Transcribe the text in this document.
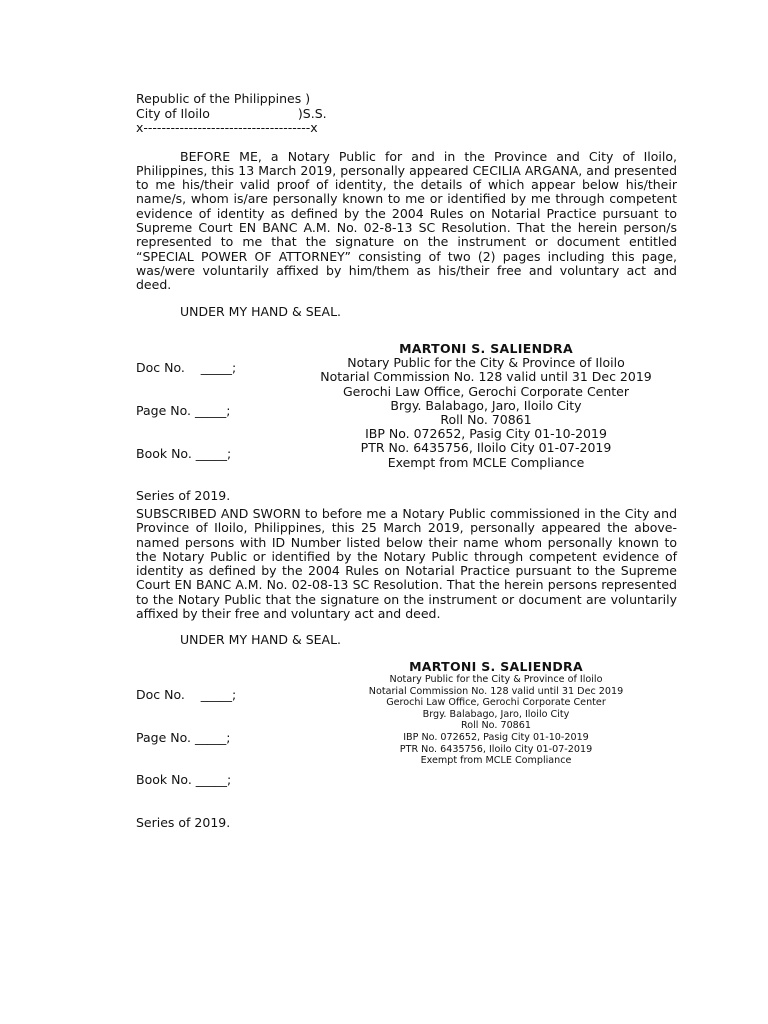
Republic of the Philippines )
City of Iloilo	)S.S.
x-------------------------------------x

BEFORE ME, a Notary Public for and in the Province and City of Iloilo, Philippines, this 13 March 2019, personally appeared CECILIA ARGANA, and presented to me his/their valid proof of identity, the details of which appear below his/their name/s, whom is/are personally known to me or identified by me through competent evidence of identity as defined by the 2004 Rules on Notarial Practice pursuant to Supreme Court EN BANC A.M. No. 02-8-13 SC Resolution. That the herein person/s represented to me that the signature on the instrument or document entitled “SPECIAL POWER OF ATTORNEY” consisting of two (2) pages including this page, was/were voluntarily affixed by him/them as his/their free and voluntary act and deed.

UNDER MY HAND & SEAL.

Doc No.    _____;

Page No. _____;

Book No. _____;

Series of 2019.

MARTONI S. SALIENDRA
Notary Public for the City & Province of Iloilo
Notarial Commission No. 128 valid until 31 Dec 2019
Gerochi Law Office, Gerochi Corporate Center
Brgy. Balabago, Jaro, Iloilo City
Roll No. 70861
IBP No. 072652, Pasig City 01-10-2019
PTR No. 6435756, Iloilo City 01-07-2019
Exempt from MCLE Compliance

SUBSCRIBED AND SWORN to before me a Notary Public commissioned in the City and Province of Iloilo, Philippines, this 25 March 2019, personally appeared the above-named persons with ID Number listed below their name whom personally known to the Notary Public or identified by the Notary Public through competent evidence of identity as defined by the 2004 Rules on Notarial Practice pursuant to the Supreme Court EN BANC A.M. No. 02-08-13 SC Resolution. That the herein persons represented to the Notary Public that the signature on the instrument or document are voluntarily affixed by their free and voluntary act and deed.

UNDER MY HAND & SEAL.

Doc No.    _____;

Page No. _____;

Book No. _____;

Series of 2019.

MARTONI S. SALIENDRA
Notary Public for the City & Province of Iloilo
Notarial Commission No. 128 valid until 31 Dec 2019
Gerochi Law Office, Gerochi Corporate Center
Brgy. Balabago, Jaro, Iloilo City
Roll No. 70861
IBP No. 072652, Pasig City 01-10-2019
PTR No. 6435756, Iloilo City 01-07-2019
Exempt from MCLE Compliance
